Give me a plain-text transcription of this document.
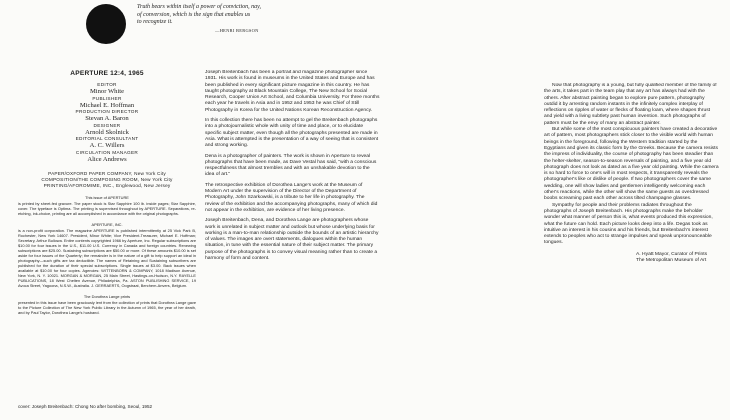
Truth bears within itself a power of conviction, nay,
of conversion, which is the sign that enables us
to recognize it.
—HENRI BERGSON
APERTURE 12:4, 1965
EDITOR
Minor White
PUBLISHER
Michael E. Hoffman
PRODUCTION DIRECTOR
Stevan A. Baron
DESIGNER
Arnold Skolnick
EDITORIAL CONSULTANT
A. C. Willers
CIRCULATION MANAGER
Alice Andrews
PAPER/OXFORD PAPER COMPANY, New York City
COMPOSITION/THE COMPOSING ROOM, New York City
PRINTING/AFOROMIME, INC., Englewood, New Jersey
This issue of APERTURE

is printed by sheet-fed gravure. The paper stock is Star Sapphire 100 lb. inside pages; Star Sapphire, cover. The typeface is Optima. The printing is supervised throughout by APERTURE. Separations, re-etching, ink-choice, printing are all accomplished in accordance with the original photographs.

APERTURE, INC.

is a non-profit corporation. The magazine APERTURE is published intermittently at 25 Vick Park B, Rochester, New York 14607. President, Minor White; Vice President-Treasurer, Michael E. Hoffman; Secretary, Arthur Bullowa. Entire contents copyrighted 1966 by Aperture, Inc. Regular subscriptions are $10.00 for four issues in the U.S., $11.00 U.S. Currency in Canada and foreign countries. Renewing subscriptions are $25.00. Sustaining subscriptions are $50.00 or more. Of these amounts $10.00 is set aside for four issues of the Quarterly; the remainder is in the nature of a gift to help support an ideal in photography—such gifts are tax deductible. The names of Retaining and Sustaining subscribers are published for the duration of their special subscriptions. Single issues at $3.00. Back issues when available at $10.00 for four copies. Agencies: WITTENBORN & COMPANY, 1018 Madison Avenue, New York, N. Y. 10021. MORGAN & MORGAN, 25 Main Street, Hastings-on-Hudson, N.Y. RAYELLE PUBLICATIONS, 18 West Chelten Avenue, Philadelphia, Pa. ASTON PUBLISHING SERVICE, 19 Avoca Street, Yagoona, N.S.W., Australia. J. GERRAERTS, Oogstraat, Berchem-Anvers, Belgium.

The Dorothea Lange prints

presented in this issue have been graciously lent from the collection of prints that Dorothea Lange gave to the Picture Collection of The New York Public Library in the Autumn of 1965, the year of her death, and by Paul Taylor, Dorothea Lange's husband.

Joseph Breitenbach has been a portrait and magazine photographer since 1931. His work is found in museums in the United States and Europe and has been published in every significant picture magazine in this country. He has taught photography at Black Mountain College, The New School for Social Research, Cooper Union Art School, and Columbia University. For three months each year he travels in Asia and in 1952 and 1953 he was Chief of Still Photography in Korea for the United Nations Korean Reconstruction Agency.

In this collection there has been no attempt to gel the Breitenbach photographs into a photojournalistic whole with unity of time and place, or to elucidate specific subject matter, even though all the photographs presented are made in Asia. What is attempted is the presentation of a way of seeing that is consistent and strong working.

Dena is a photographer of painters. The work is shown in Aperture to reveal photographs that have been made, as Dave Vestal has said, "with a conscious respectfulness that almost trembles and with an unshakable devotion to the idea of art."

The retrospective exhibition of Dorothea Lange's work at the Museum of Modern Art under the supervision of the Director of the Department of Photography, John Szarkowski, is a tribute to her life in photography. The review of the exhibition and the accompanying photographs, many of which did not appear in the exhibition, are evidence of her living presence.

Joseph Breitenbach, Dena, and Dorothea Lange are photographers whose work is unrelated in subject matter and outlook but whose underlying basis for working is a man-to-man relationship outside the bounds of an artistic hierarchy of values. The images are overt statements, dialogues within the human situation, in tune with the essential nature of their subject matter. The primary purpose of the photographs is to convey visual meaning rather than to create a harmony of form and content.

Now that photography is a young, but fully qualified member of the family of the arts, it takes part in the team play that any art has always had with the others. After abstract painting began to explore pure pattern, photography outdid it by arresting random instants in the infinitely complex interplay of reflections on ripples of water or flecks of floating loam, where shapes thrust and yield with a living subtlety past human invention. Such photographs of pattern must be the envy of many an abstract painter.

But while some of the most conspicuous painters have created a decorative art of pattern, most photographers stick closer to the visible world with human beings in the foreground, following the Western tradition started by the Egyptians and given its classic form by the Greeks. Because the camera resists the impress of individuality, the course of photography has been steadier than the helter-skelter, season-to-season reversals of painting, and a five year old photograph does not look as dated as a five year old painting. While the camera is so hard to force to one's will in most respects, it transparently reveals the photographer's like or dislike of people. If two photographers cover the same wedding, one will show ladies and gentlemen intelligently welcoming each other's reactions, while the other will show the same guests as overdressed boobs screaming past each other across tilted champagne glasses.

Sympathy for people and their problems radiates throughout the photographs of Joseph Breitenbach. His photographs make the beholder wonder what manner of person this is, what events produced this expression, what the future can hold. Each picture looks deep into a life. Degas took as intuitive an interest in his cousins and his friends, but Breitenbach's interest extends to peoples who act to strange impulses and speak unpronounceable tongues.

A. Hyatt Mayor, Curator of Prints
The Metropolitan Museum of Art
cover: Joseph Breitenbach: Chong No after bombing, Seoul, 1952
